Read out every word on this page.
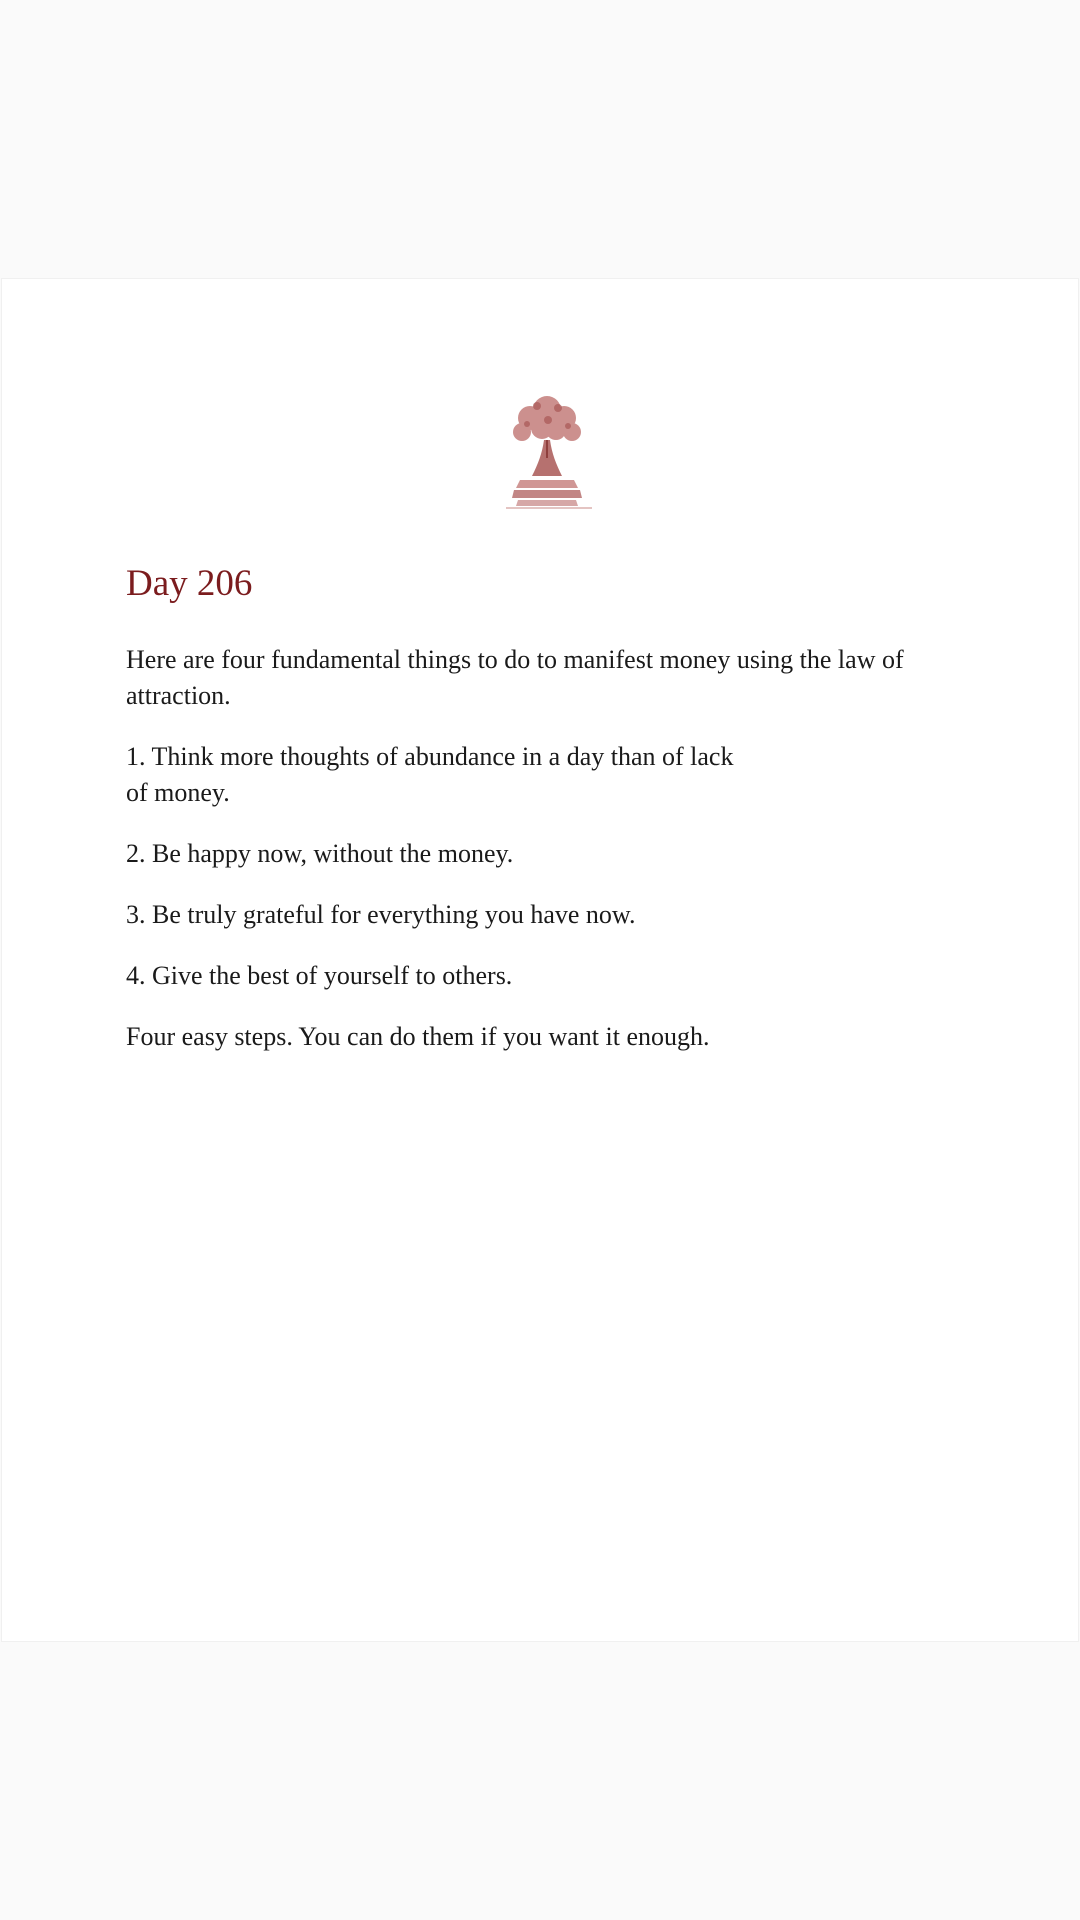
Day 206

Here are four fundamental things to do to manifest money using the law of attraction.

1. Think more thoughts of abundance in a day than of lack of money.

2. Be happy now, without the money.

3. Be truly grateful for everything you have now.

4. Give the best of yourself to others.

Four easy steps. You can do them if you want it enough.
